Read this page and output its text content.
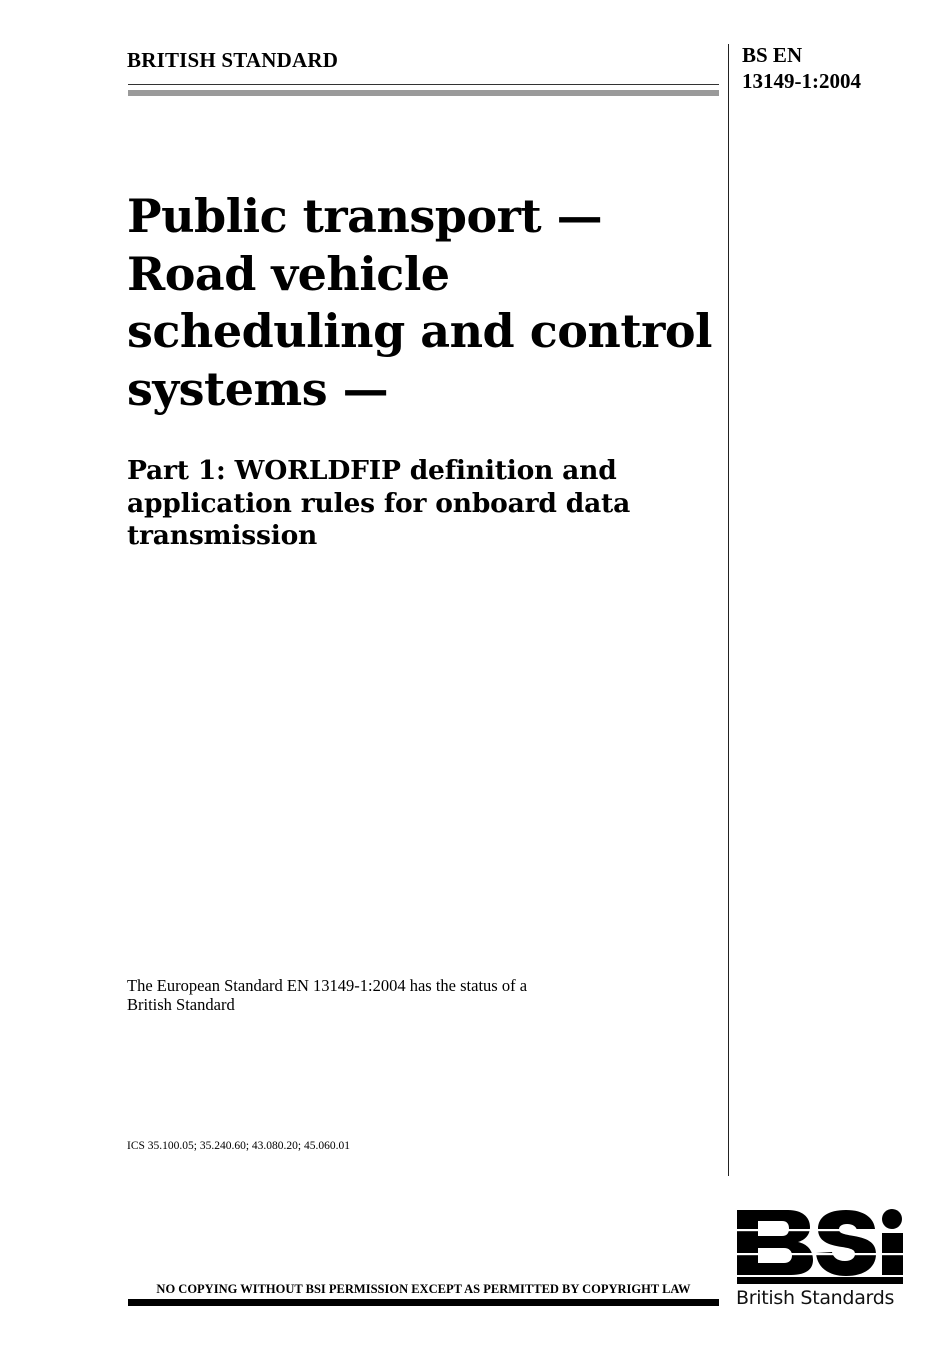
BRITISH STANDARD	BS EN
13149-1:2004
Public transport —
Road vehicle
scheduling and control
systems —
Part 1: WORLDFIP definition and
application rules for onboard data
transmission
The European Standard EN 13149-1:2004 has the status of a
British Standard
ICS 35.100.05; 35.240.60; 43.080.20; 45.060.01
NO COPYING WITHOUT BSI PERMISSION EXCEPT AS PERMITTED BY COPYRIGHT LAW	British Standards
